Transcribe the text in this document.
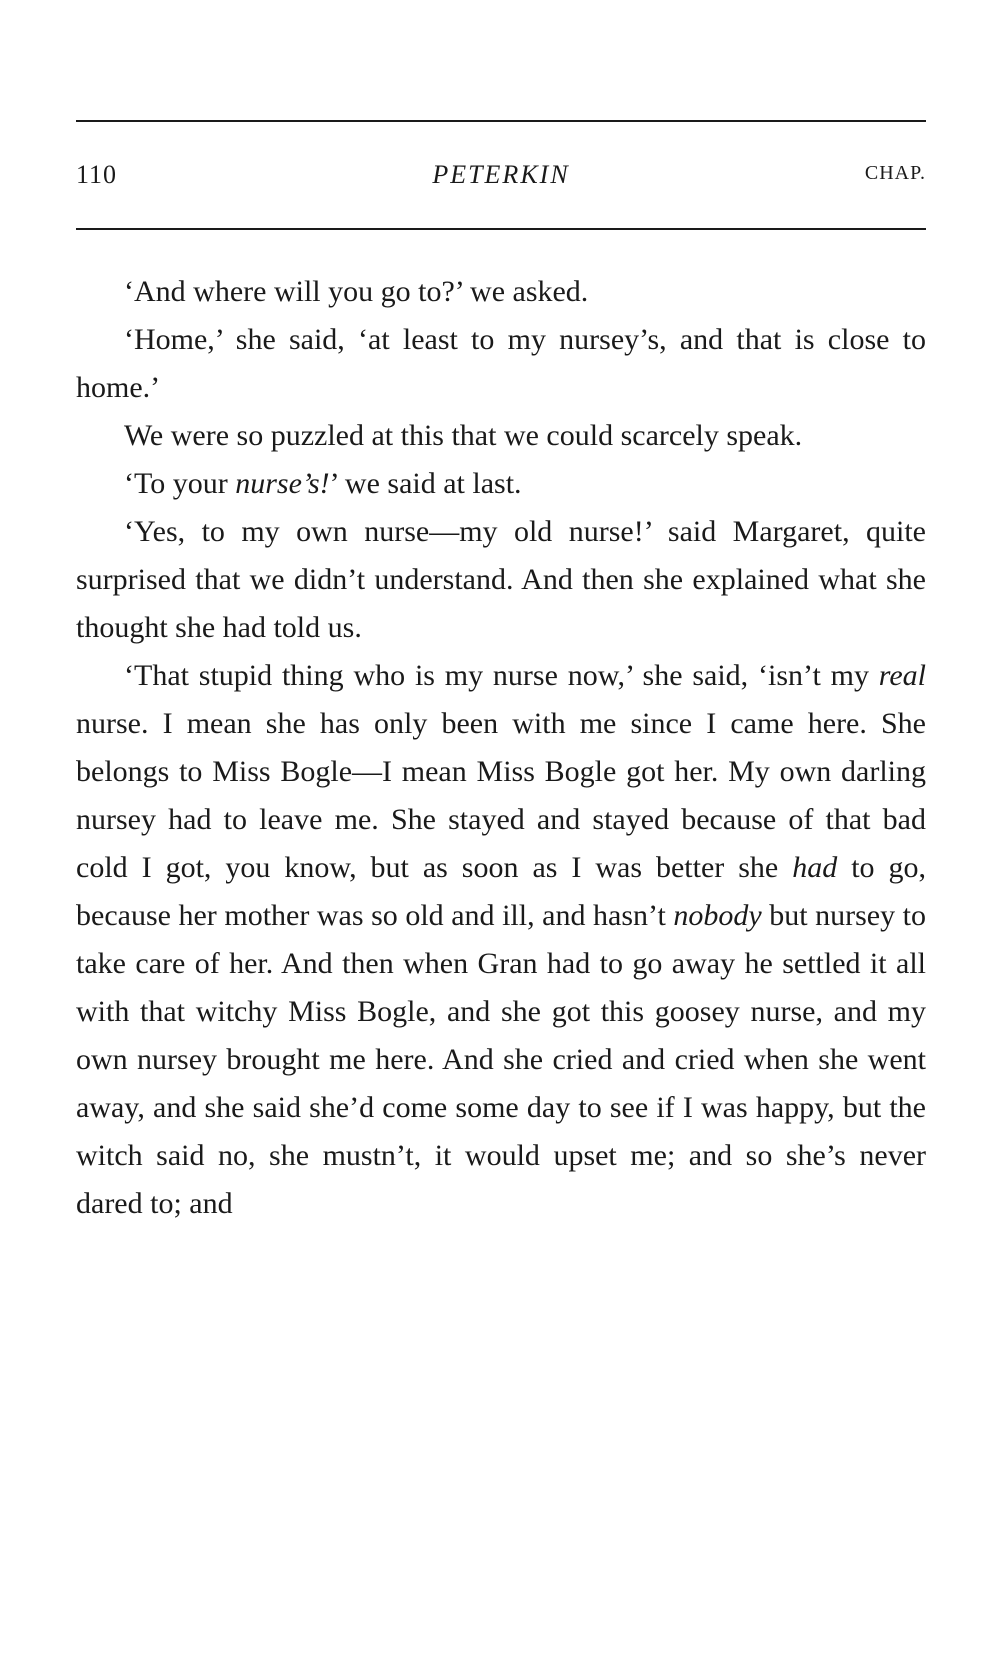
110	PETERKIN	CHAP.

‘And where will you go to?’ we asked.

‘Home,’ she said, ‘at least to my nursey’s, and that is close to home.’

We were so puzzled at this that we could scarcely speak.

‘To your nurse’s!’ we said at last.

‘Yes, to my own nurse—my old nurse!’ said Margaret, quite surprised that we didn’t understand. And then she explained what she thought she had told us.

‘That stupid thing who is my nurse now,’ she said, ‘isn’t my real nurse. I mean she has only been with me since I came here. She belongs to Miss Bogle—I mean Miss Bogle got her. My own darling nursey had to leave me. She stayed and stayed because of that bad cold I got, you know, but as soon as I was better she had to go, because her mother was so old and ill, and hasn’t nobody but nursey to take care of her. And then when Gran had to go away he settled it all with that witchy Miss Bogle, and she got this goosey nurse, and my own nursey brought me here. And she cried and cried when she went away, and she said she’d come some day to see if I was happy, but the witch said no, she mustn’t, it would upset me; and so she’s never dared to; and
